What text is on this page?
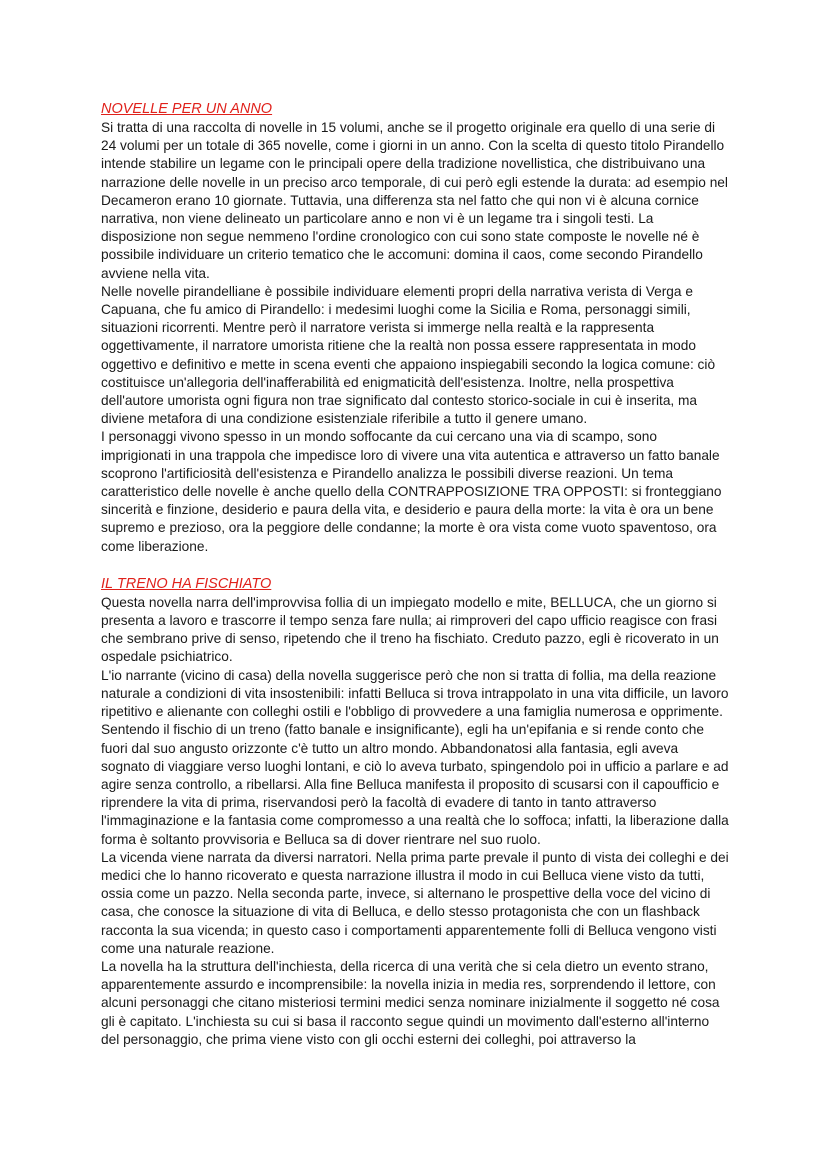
NOVELLE PER UN ANNO

Si tratta di una raccolta di novelle in 15 volumi, anche se il progetto originale era quello di una serie di 24 volumi per un totale di 365 novelle, come i giorni in un anno. Con la scelta di questo titolo Pirandello intende stabilire un legame con le principali opere della tradizione novellistica, che distribuivano una narrazione delle novelle in un preciso arco temporale, di cui però egli estende la durata: ad esempio nel Decameron erano 10 giornate. Tuttavia, una differenza sta nel fatto che qui non vi è alcuna cornice narrativa, non viene delineato un particolare anno e non vi è un legame tra i singoli testi. La disposizione non segue nemmeno l'ordine cronologico con cui sono state composte le novelle né è possibile individuare un criterio tematico che le accomuni: domina il caos, come secondo Pirandello avviene nella vita.

Nelle novelle pirandelliane è possibile individuare elementi propri della narrativa verista di Verga e Capuana, che fu amico di Pirandello: i medesimi luoghi come la Sicilia e Roma, personaggi simili, situazioni ricorrenti. Mentre però il narratore verista si immerge nella realtà e la rappresenta oggettivamente, il narratore umorista ritiene che la realtà non possa essere rappresentata in modo oggettivo e definitivo e mette in scena eventi che appaiono inspiegabili secondo la logica comune: ciò costituisce un'allegoria dell'inafferabilità ed enigmaticità dell'esistenza. Inoltre, nella prospettiva dell'autore umorista ogni figura non trae significato dal contesto storico-sociale in cui è inserita, ma diviene metafora di una condizione esistenziale riferibile a tutto il genere umano.

I personaggi vivono spesso in un mondo soffocante da cui cercano una via di scampo, sono imprigionati in una trappola che impedisce loro di vivere una vita autentica e attraverso un fatto banale scoprono l'artificiosità dell'esistenza e Pirandello analizza le possibili diverse reazioni. Un tema caratteristico delle novelle è anche quello della CONTRAPPOSIZIONE TRA OPPOSTI: si fronteggiano sincerità e finzione, desiderio e paura della vita, e desiderio e paura della morte: la vita è ora un bene supremo e prezioso, ora la peggiore delle condanne; la morte è ora vista come vuoto spaventoso, ora come liberazione.

IL TRENO HA FISCHIATO

Questa novella narra dell'improvvisa follia di un impiegato modello e mite, BELLUCA, che un giorno si presenta a lavoro e trascorre il tempo senza fare nulla; ai rimproveri del capo ufficio reagisce con frasi che sembrano prive di senso, ripetendo che il treno ha fischiato. Creduto pazzo, egli è ricoverato in un ospedale psichiatrico.

L'io narrante (vicino di casa) della novella suggerisce però che non si tratta di follia, ma della reazione naturale a condizioni di vita insostenibili: infatti Belluca si trova intrappolato in una vita difficile, un lavoro ripetitivo e alienante con colleghi ostili e l'obbligo di provvedere a una famiglia numerosa e opprimente. Sentendo il fischio di un treno (fatto banale e insignificante), egli ha un'epifania e si rende conto che fuori dal suo angusto orizzonte c'è tutto un altro mondo. Abbandonatosi alla fantasia, egli aveva sognato di viaggiare verso luoghi lontani, e ciò lo aveva turbato, spingendolo poi in ufficio a parlare e ad agire senza controllo, a ribellarsi. Alla fine Belluca manifesta il proposito di scusarsi con il capoufficio e riprendere la vita di prima, riservandosi però la facoltà di evadere di tanto in tanto attraverso l'immaginazione e la fantasia come compromesso a una realtà che lo soffoca; infatti, la liberazione dalla forma è soltanto provvisoria e Belluca sa di dover rientrare nel suo ruolo.

La vicenda viene narrata da diversi narratori. Nella prima parte prevale il punto di vista dei colleghi e dei medici che lo hanno ricoverato e questa narrazione illustra il modo in cui Belluca viene visto da tutti, ossia come un pazzo. Nella seconda parte, invece, si alternano le prospettive della voce del vicino di casa, che conosce la situazione di vita di Belluca, e dello stesso protagonista che con un flashback racconta la sua vicenda; in questo caso i comportamenti apparentemente folli di Belluca vengono visti come una naturale reazione.

La novella ha la struttura dell'inchiesta, della ricerca di una verità che si cela dietro un evento strano, apparentemente assurdo e incomprensibile: la novella inizia in media res, sorprendendo il lettore, con alcuni personaggi che citano misteriosi termini medici senza nominare inizialmente il soggetto né cosa gli è capitato. L'inchiesta su cui si basa il racconto segue quindi un movimento dall'esterno all'interno del personaggio, che prima viene visto con gli occhi esterni dei colleghi, poi attraverso la
